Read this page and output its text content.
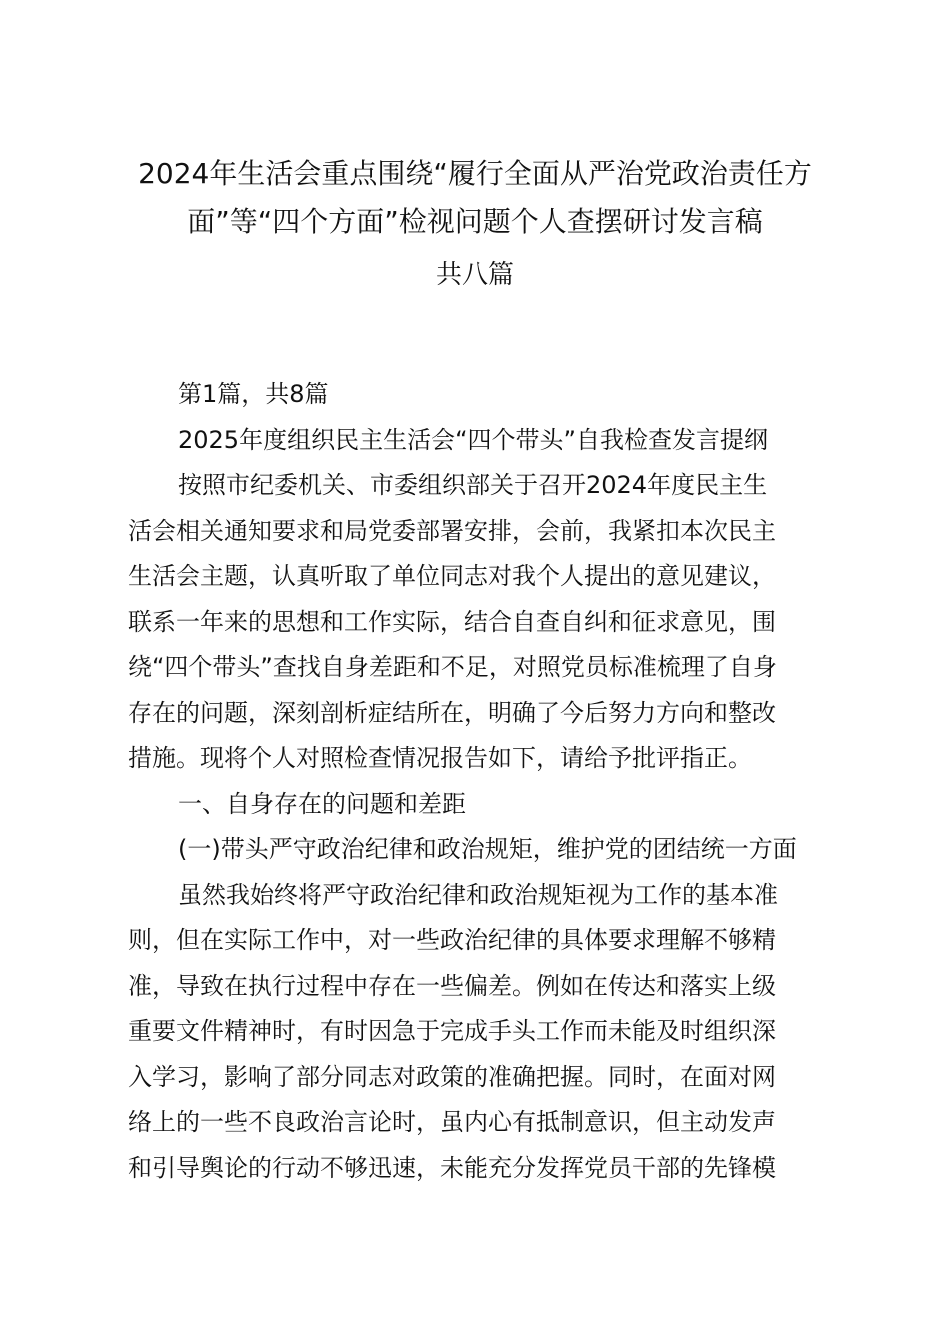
2024年生活会重点围绕“履行全面从严治党政治责任方
面”等“四个方面”检视问题个人查摆研讨发言稿
共八篇
第1篇，共8篇
2025年度组织民主生活会“四个带头”自我检查发言提纲
按照市纪委机关、市委组织部关于召开2024年度民主生
活会相关通知要求和局党委部署安排，会前，我紧扣本次民主
生活会主题，认真听取了单位同志对我个人提出的意见建议，
联系一年来的思想和工作实际，结合自查自纠和征求意见，围
绕“四个带头”查找自身差距和不足，对照党员标准梳理了自身
存在的问题，深刻剖析症结所在，明确了今后努力方向和整改
措施。现将个人对照检查情况报告如下，请给予批评指正。
一、自身存在的问题和差距
(一)带头严守政治纪律和政治规矩，维护党的团结统一方面
虽然我始终将严守政治纪律和政治规矩视为工作的基本准
则，但在实际工作中，对一些政治纪律的具体要求理解不够精
准，导致在执行过程中存在一些偏差。例如在传达和落实上级
重要文件精神时，有时因急于完成手头工作而未能及时组织深
入学习，影响了部分同志对政策的准确把握。同时，在面对网
络上的一些不良政治言论时，虽内心有抵制意识，但主动发声
和引导舆论的行动不够迅速，未能充分发挥党员干部的先锋模
